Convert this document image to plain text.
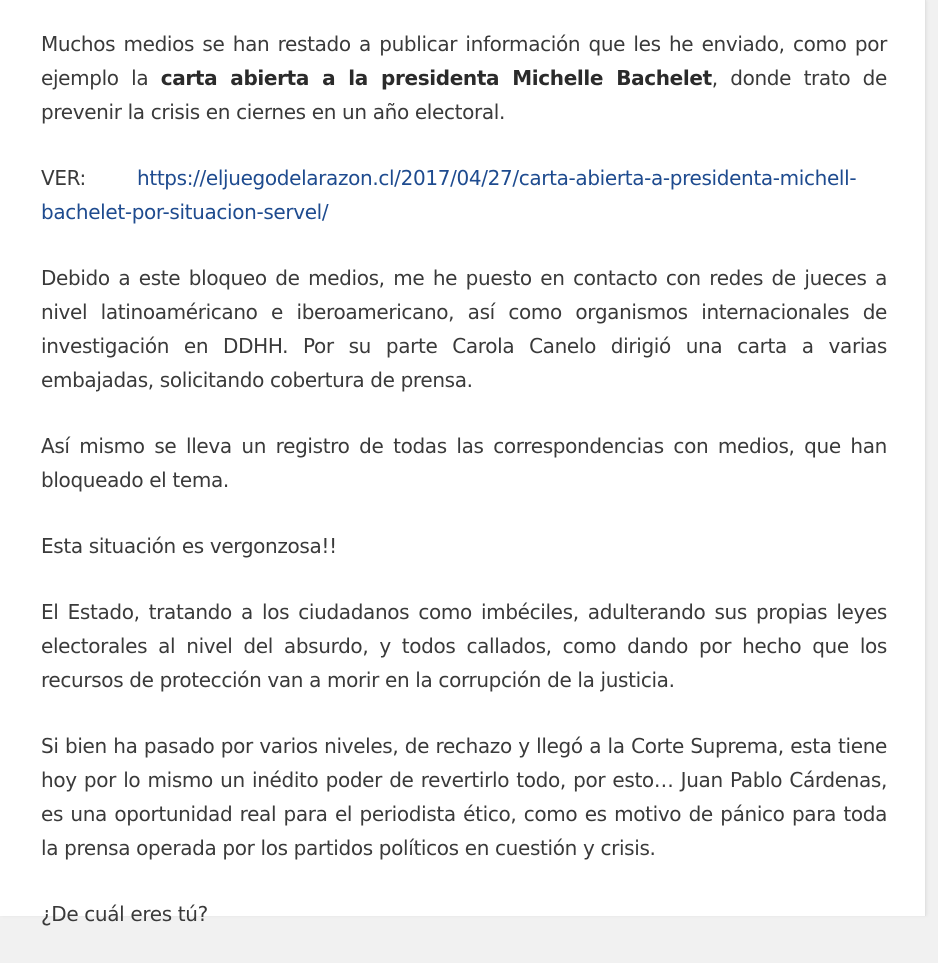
Muchos medios se han restado a publicar información que les he enviado, como por ejemplo la carta abierta a la presidenta Michelle Bachelet, donde trato de prevenir la crisis en ciernes en un año electoral.

VER:	https://eljuegodelarazon.cl/2017/04/27/carta-abierta-a-presidenta-michell-bachelet-por-situacion-servel/

Debido a este bloqueo de medios, me he puesto en contacto con redes de jueces a nivel latinoaméricano e iberoamericano, así como organismos internacionales de investigación en DDHH. Por su parte Carola Canelo dirigió una carta a varias embajadas, solicitando cobertura de prensa.

Así mismo se lleva un registro de todas las correspondencias con medios, que han bloqueado el tema.

Esta situación es vergonzosa!!

El Estado, tratando a los ciudadanos como imbéciles, adulterando sus propias leyes electorales al nivel del absurdo, y todos callados, como dando por hecho que los recursos de protección van a morir en la corrupción de la justicia.

Si bien ha pasado por varios niveles, de rechazo y llegó a la Corte Suprema, esta tiene hoy por lo mismo un inédito poder de revertirlo todo, por esto… Juan Pablo Cárdenas, es una oportunidad real para el periodista ético, como es motivo de pánico para toda la prensa operada por los partidos políticos en cuestión y crisis.

¿De cuál eres tú?
